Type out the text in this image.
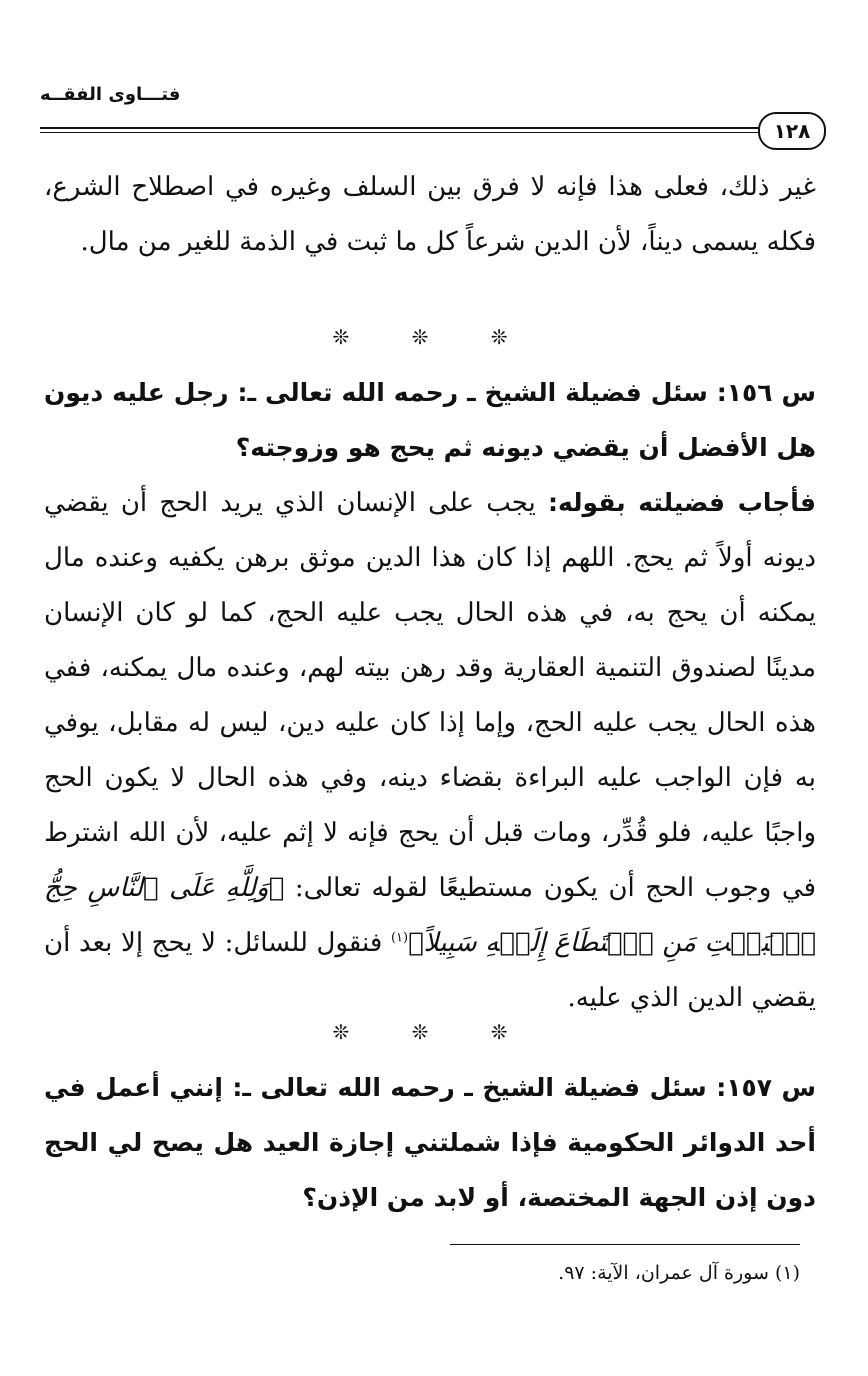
فتـــاوى الفقــه
١٢٨

غير ذلك، فعلى هذا فإنه لا فرق بين السلف وغيره في اصطلاح الشرع، فكله يسمى ديناً، لأن الدين شرعاً كل ما ثبت في الذمة للغير من مال.

❊ ❊ ❊

س ١٥٦: سئل فضيلة الشيخ ـ رحمه الله تعالى ـ: رجل عليه ديون هل الأفضل أن يقضي ديونه ثم يحج هو وزوجته؟

فأجاب فضيلته بقوله: يجب على الإنسان الذي يريد الحج أن يقضي ديونه أولاً ثم يحج. اللهم إذا كان هذا الدين موثق برهن يكفيه وعنده مال يمكنه أن يحج به، في هذه الحال يجب عليه الحج، كما لو كان الإنسان مدينًا لصندوق التنمية العقارية وقد رهن بيته لهم، وعنده مال يمكنه، ففي هذه الحال يجب عليه الحج، وإما إذا كان عليه دين، ليس له مقابل، يوفي به فإن الواجب عليه البراءة بقضاء دينه، وفي هذه الحال لا يكون الحج واجبًا عليه، فلو قُدِّر، ومات قبل أن يحج فإنه لا إثم عليه، لأن الله اشترط في وجوب الحج أن يكون مستطيعًا لقوله تعالى: ﴿وَلِلَّهِ عَلَى ٱلنَّاسِ حِجُّ ٱلۡبَيۡتِ مَنِ ٱسۡتَطَاعَ إِلَيۡهِ سَبِيلاً﴾$^{(١)}$ فنقول للسائل: لا يحج إلا بعد أن يقضي الدين الذي عليه.

❊ ❊ ❊

س ١٥٧: سئل فضيلة الشيخ ـ رحمه الله تعالى ـ: إنني أعمل في أحد الدوائر الحكومية فإذا شملتني إجازة العيد هل يصح لي الحج دون إذن الجهة المختصة، أو لابد من الإذن؟

(١) سورة آل عمران، الآية: ٩٧.
